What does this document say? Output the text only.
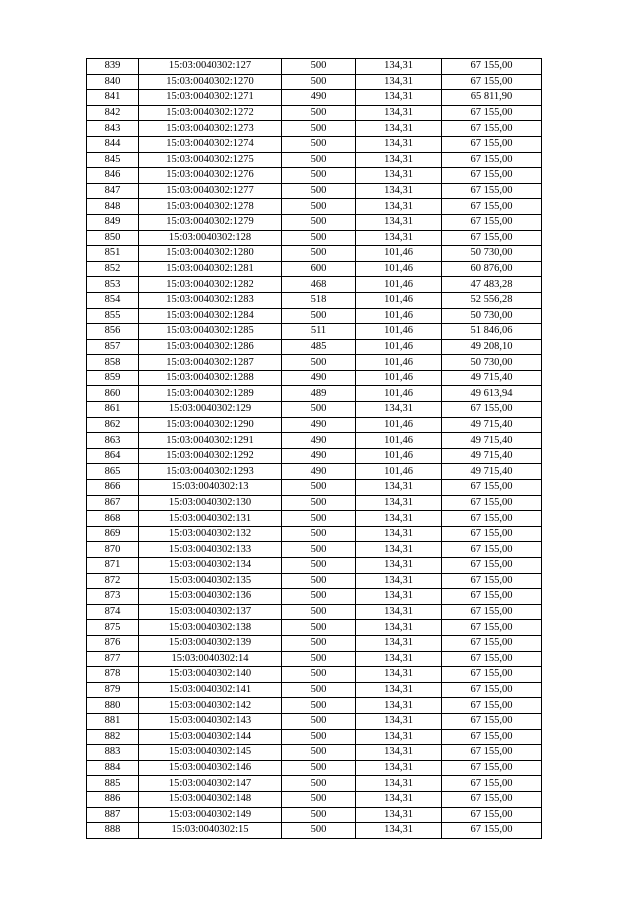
839	15:03:0040302:127	500	134,31	67 155,00
840	15:03:0040302:1270	500	134,31	67 155,00
841	15:03:0040302:1271	490	134,31	65 811,90
842	15:03:0040302:1272	500	134,31	67 155,00
843	15:03:0040302:1273	500	134,31	67 155,00
844	15:03:0040302:1274	500	134,31	67 155,00
845	15:03:0040302:1275	500	134,31	67 155,00
846	15:03:0040302:1276	500	134,31	67 155,00
847	15:03:0040302:1277	500	134,31	67 155,00
848	15:03:0040302:1278	500	134,31	67 155,00
849	15:03:0040302:1279	500	134,31	67 155,00
850	15:03:0040302:128	500	134,31	67 155,00
851	15:03:0040302:1280	500	101,46	50 730,00
852	15:03:0040302:1281	600	101,46	60 876,00
853	15:03:0040302:1282	468	101,46	47 483,28
854	15:03:0040302:1283	518	101,46	52 556,28
855	15:03:0040302:1284	500	101,46	50 730,00
856	15:03:0040302:1285	511	101,46	51 846,06
857	15:03:0040302:1286	485	101,46	49 208,10
858	15:03:0040302:1287	500	101,46	50 730,00
859	15:03:0040302:1288	490	101,46	49 715,40
860	15:03:0040302:1289	489	101,46	49 613,94
861	15:03:0040302:129	500	134,31	67 155,00
862	15:03:0040302:1290	490	101,46	49 715,40
863	15:03:0040302:1291	490	101,46	49 715,40
864	15:03:0040302:1292	490	101,46	49 715,40
865	15:03:0040302:1293	490	101,46	49 715,40
866	15:03:0040302:13	500	134,31	67 155,00
867	15:03:0040302:130	500	134,31	67 155,00
868	15:03:0040302:131	500	134,31	67 155,00
869	15:03:0040302:132	500	134,31	67 155,00
870	15:03:0040302:133	500	134,31	67 155,00
871	15:03:0040302:134	500	134,31	67 155,00
872	15:03:0040302:135	500	134,31	67 155,00
873	15:03:0040302:136	500	134,31	67 155,00
874	15:03:0040302:137	500	134,31	67 155,00
875	15:03:0040302:138	500	134,31	67 155,00
876	15:03:0040302:139	500	134,31	67 155,00
877	15:03:0040302:14	500	134,31	67 155,00
878	15:03:0040302:140	500	134,31	67 155,00
879	15:03:0040302:141	500	134,31	67 155,00
880	15:03:0040302:142	500	134,31	67 155,00
881	15:03:0040302:143	500	134,31	67 155,00
882	15:03:0040302:144	500	134,31	67 155,00
883	15:03:0040302:145	500	134,31	67 155,00
884	15:03:0040302:146	500	134,31	67 155,00
885	15:03:0040302:147	500	134,31	67 155,00
886	15:03:0040302:148	500	134,31	67 155,00
887	15:03:0040302:149	500	134,31	67 155,00
888	15:03:0040302:15	500	134,31	67 155,00
